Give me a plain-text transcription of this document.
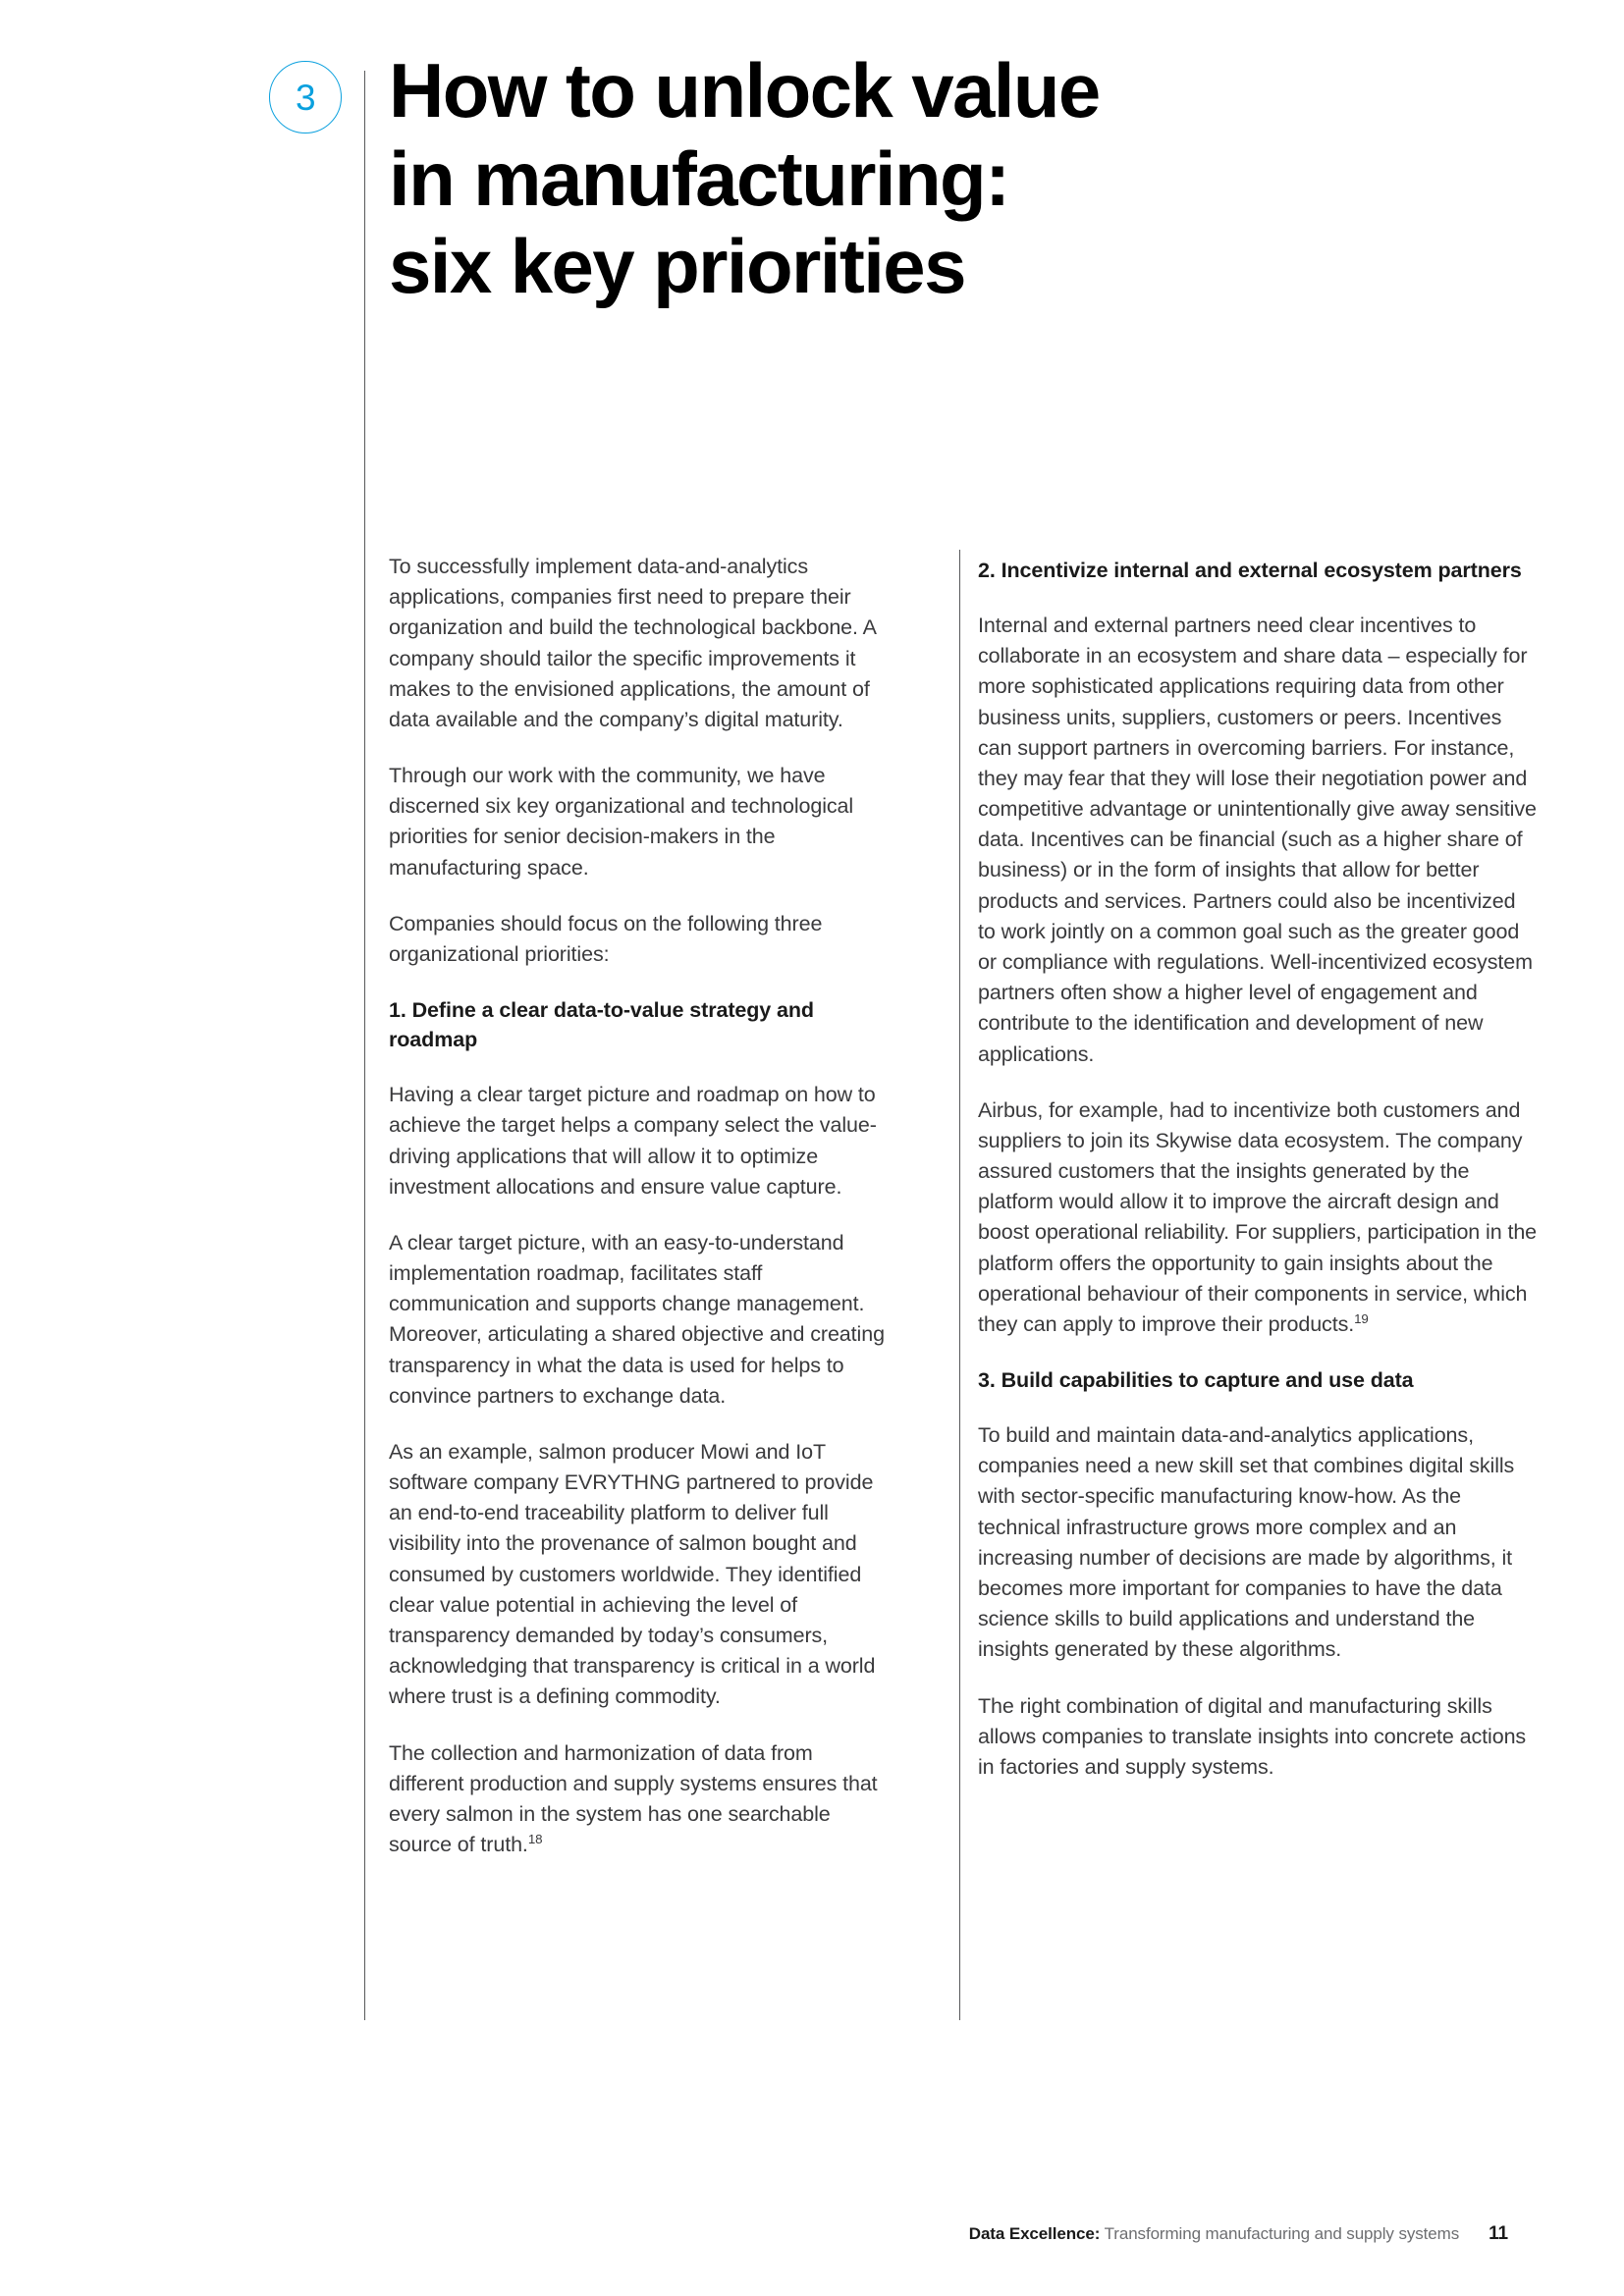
3 How to unlock value
in manufacturing:
six key priorities

To successfully implement data-and-analytics applications, companies first need to prepare their organization and build the technological backbone. A company should tailor the specific improvements it makes to the envisioned applications, the amount of data available and the company’s digital maturity.

Through our work with the community, we have discerned six key organizational and technological priorities for senior decision-makers in the manufacturing space.

Companies should focus on the following three organizational priorities:

1. Define a clear data-to-value strategy and roadmap

Having a clear target picture and roadmap on how to achieve the target helps a company select the value-driving applications that will allow it to optimize investment allocations and ensure value capture.

A clear target picture, with an easy-to-understand implementation roadmap, facilitates staff communication and supports change management. Moreover, articulating a shared objective and creating transparency in what the data is used for helps to convince partners to exchange data.

As an example, salmon producer Mowi and IoT software company EVRYTHNG partnered to provide an end-to-end traceability platform to deliver full visibility into the provenance of salmon bought and consumed by customers worldwide. They identified clear value potential in achieving the level of transparency demanded by today’s consumers, acknowledging that transparency is critical in a world where trust is a defining commodity.

The collection and harmonization of data from different production and supply systems ensures that every salmon in the system has one searchable source of truth.$^{18}$

2. Incentivize internal and external ecosystem partners

Internal and external partners need clear incentives to collaborate in an ecosystem and share data – especially for more sophisticated applications requiring data from other business units, suppliers, customers or peers. Incentives can support partners in overcoming barriers. For instance, they may fear that they will lose their negotiation power and competitive advantage or unintentionally give away sensitive data. Incentives can be financial (such as a higher share of business) or in the form of insights that allow for better products and services. Partners could also be incentivized to work jointly on a common goal such as the greater good or compliance with regulations. Well-incentivized ecosystem partners often show a higher level of engagement and contribute to the identification and development of new applications.

Airbus, for example, had to incentivize both customers and suppliers to join its Skywise data ecosystem. The company assured customers that the insights generated by the platform would allow it to improve the aircraft design and boost operational reliability. For suppliers, participation in the platform offers the opportunity to gain insights about the operational behaviour of their components in service, which they can apply to improve their products.$^{19}$

3. Build capabilities to capture and use data

To build and maintain data-and-analytics applications, companies need a new skill set that combines digital skills with sector-specific manufacturing know-how. As the technical infrastructure grows more complex and an increasing number of decisions are made by algorithms, it becomes more important for companies to have the data science skills to build applications and understand the insights generated by these algorithms.

The right combination of digital and manufacturing skills allows companies to translate insights into concrete actions in factories and supply systems.

Data Excellence: Transforming manufacturing and supply systems 11
